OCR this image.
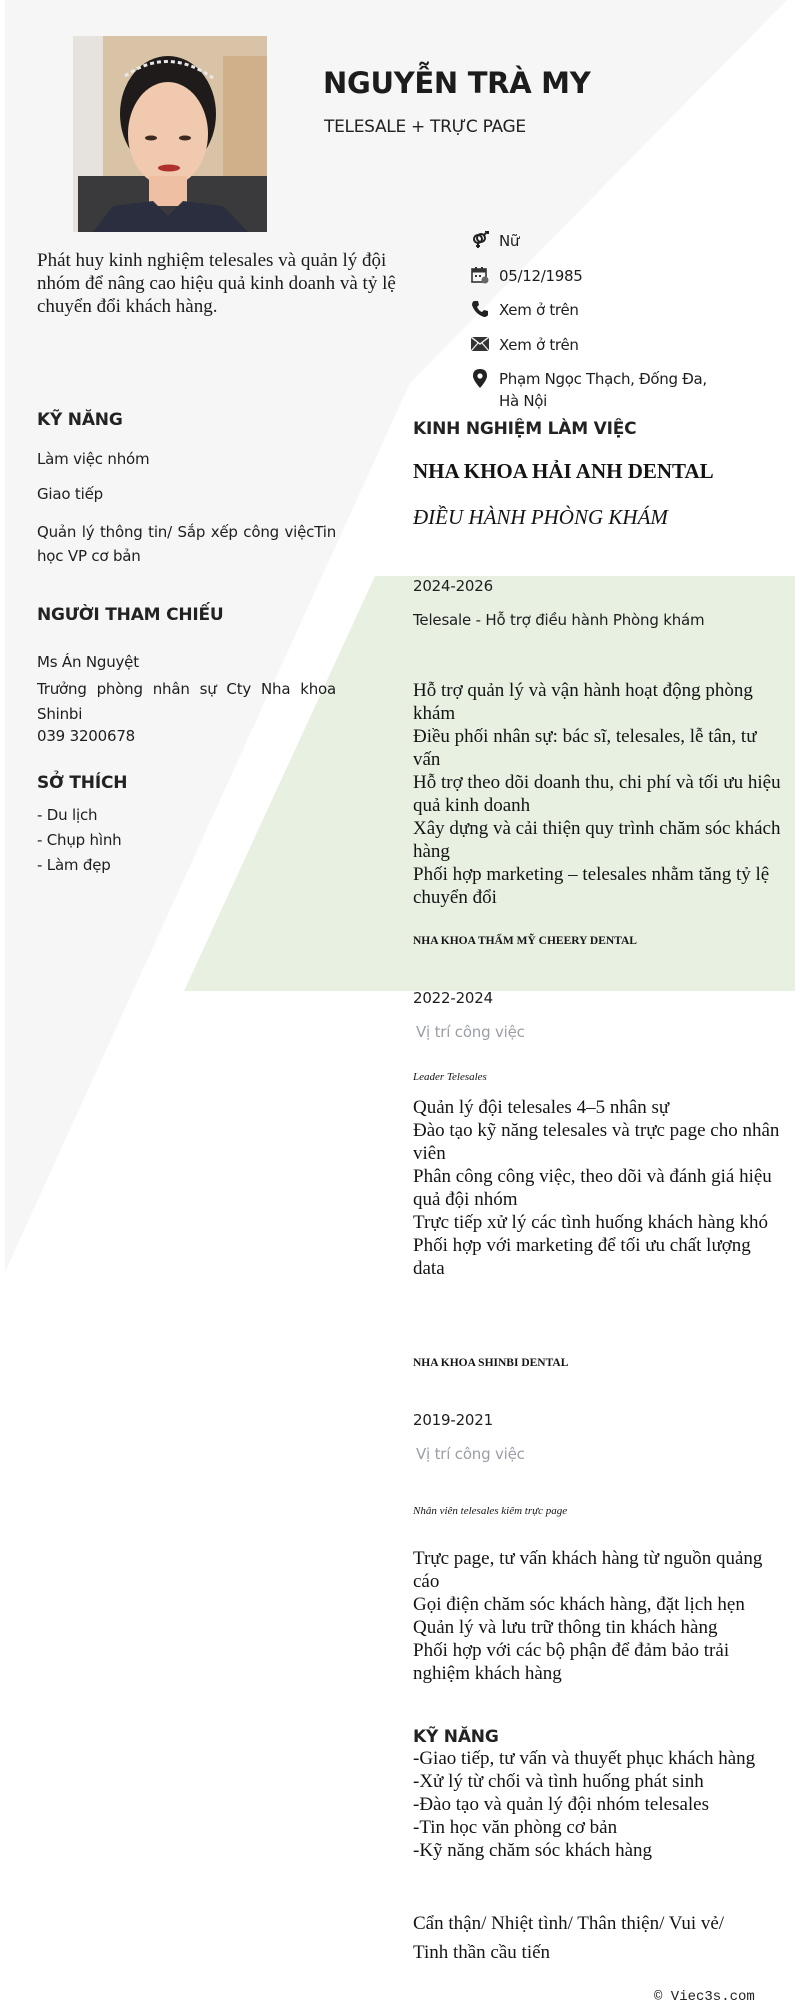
NGUYỄN TRÀ MY
TELESALE + TRỰC PAGE
Phát huy kinh nghiệm telesales và quản lý đội nhóm để nâng cao hiệu quả kinh doanh và tỷ lệ chuyển đổi khách hàng.
Nữ
05/12/1985
Xem ở trên
Xem ở trên
Phạm Ngọc Thạch, Đống Đa,
Hà Nội
KỸ NĂNG
Làm việc nhóm
Giao tiếp
Quản lý thông tin/ Sắp xếp công việcTin học VP cơ bản
NGƯỜI THAM CHIẾU
Ms Án Nguyệt
Trưởng phòng nhân sự Cty Nha khoa Shinbi
039 3200678
SỞ THÍCH
- Du lịch
- Chụp hình
- Làm đẹp
KINH NGHIỆM LÀM VIỆC
NHA KHOA HẢI ANH DENTAL
ĐIỀU HÀNH PHÒNG KHÁM
2024-2026
Telesale - Hỗ trợ điều hành Phòng khám
Hỗ trợ quản lý và vận hành hoạt động phòng khám
Điều phối nhân sự: bác sĩ, telesales, lễ tân, tư vấn
Hỗ trợ theo dõi doanh thu, chi phí và tối ưu hiệu quả kinh doanh
Xây dựng và cải thiện quy trình chăm sóc khách hàng
Phối hợp marketing – telesales nhằm tăng tỷ lệ chuyển đổi
NHA KHOA THẨM MỸ CHEERY DENTAL
2022-2024
Vị trí công việc
Leader Telesales
Quản lý đội telesales 4–5 nhân sự
Đào tạo kỹ năng telesales và trực page cho nhân viên
Phân công công việc, theo dõi và đánh giá hiệu quả đội nhóm
Trực tiếp xử lý các tình huống khách hàng khó
Phối hợp với marketing để tối ưu chất lượng data
NHA KHOA SHINBI DENTAL
2019-2021
Vị trí công việc
Nhân viên telesales kiêm trực page
Trực page, tư vấn khách hàng từ nguồn quảng cáo
Gọi điện chăm sóc khách hàng, đặt lịch hẹn
Quản lý và lưu trữ thông tin khách hàng
Phối hợp với các bộ phận để đảm bảo trải nghiệm khách hàng
KỸ NĂNG
-Giao tiếp, tư vấn và thuyết phục khách hàng
-Xử lý từ chối và tình huống phát sinh
-Đào tạo và quản lý đội nhóm telesales
-Tin học văn phòng cơ bản
-Kỹ năng chăm sóc khách hàng
Cẩn thận/ Nhiệt tình/ Thân thiện/ Vui vẻ/
Tinh thần cầu tiến
© Viec3s.com
